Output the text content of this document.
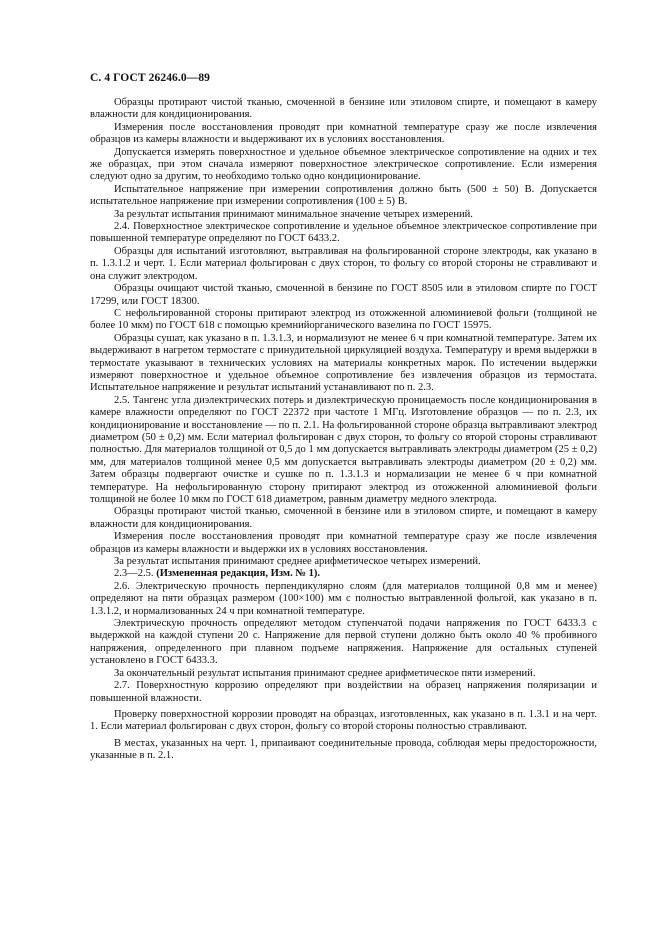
С. 4 ГОСТ 26246.0—89

Образцы протирают чистой тканью, смоченной в бензине или этиловом спирте, и помещают в камеру влажности для кондиционирования.

Измерения после восстановления проводят при комнатной температуре сразу же после извлечения образцов из камеры влажности и выдерживают их в условиях восстановления.

Допускается измерять поверхностное и удельное объемное электрическое сопротивление на одних и тех же образцах, при этом сначала измеряют поверхностное электрическое сопротивление. Если измерения следуют одно за другим, то необходимо только одно кондиционирование.

Испытательное напряжение при измерении сопротивления должно быть (500 ± 50) В. Допускается испытательное напряжение при измерении сопротивления (100 ± 5) В.

За результат испытания принимают минимальное значение четырех измерений.

2.4. Поверхностное электрическое сопротивление и удельное объемное электрическое сопротивление при повышенной температуре определяют по ГОСТ 6433.2.

Образцы для испытаний изготовляют, вытравливая на фольгированной стороне электроды, как указано в п. 1.3.1.2 и черт. 1. Если материал фольгирован с двух сторон, то фольгу со второй стороны не стравливают и она служит электродом.

Образцы очищают чистой тканью, смоченной в бензине по ГОСТ 8505 или в этиловом спирте по ГОСТ 17299, или ГОСТ 18300.

С нефольгированной стороны притирают электрод из отожженной алюминиевой фольги (толщиной не более 10 мкм) по ГОСТ 618 с помощью кремнийорганического вазелина по ГОСТ 15975.

Образцы сушат, как указано в п. 1.3.1.3, и нормализуют не менее 6 ч при комнатной температуре. Затем их выдерживают в нагретом термостате с принудительной циркуляцией воздуха. Температуру и время выдержки в термостате указывают в технических условиях на материалы конкретных марок. По истечении выдержки измеряют поверхностное и удельное объемное сопротивление без извлечения образцов из термостата. Испытательное напряжение и результат испытаний устанавливают по п. 2.3.

2.5. Тангенс угла диэлектрических потерь и диэлектрическую проницаемость после кондиционирования в камере влажности определяют по ГОСТ 22372 при частоте 1 МГц. Изготовление образцов — по п. 2.3, их кондиционирование и восстановление — по п. 2.1. На фольгированной стороне образца вытравливают электрод диаметром (50 ± 0,2) мм. Если материал фольгирован с двух сторон, то фольгу со второй стороны стравливают полностью. Для материалов толщиной от 0,5 до 1 мм допускается вытравливать электроды диаметром (25 ± 0,2) мм, для материалов толщиной менее 0,5 мм допускается вытравливать электроды диаметром (20 ± 0,2) мм. Затем образцы подвергают очистке и сушке по п. 1.3.1.3 и нормализации не менее 6 ч при комнатной температуре. На нефольгированную сторону притирают электрод из отожженной алюминиевой фольги толщиной не более 10 мкм по ГОСТ 618 диаметром, равным диаметру медного электрода.

Образцы протирают чистой тканью, смоченной в бензине или в этиловом спирте, и помещают в камеру влажности для кондиционирования.

Измерения после восстановления проводят при комнатной температуре сразу же после извлечения образцов из камеры влажности и выдержки их в условиях восстановления.

За результат испытания принимают среднее арифметическое четырех измерений.

2.3—2.5. (Измененная редакция, Изм. № 1).

2.6. Электрическую прочность перпендикулярно слоям (для материалов толщиной 0,8 мм и менее) определяют на пяти образцах размером (100×100) мм с полностью вытравленной фольгой, как указано в п. 1.3.1.2, и нормализованных 24 ч при комнатной температуре.

Электрическую прочность определяют методом ступенчатой подачи напряжения по ГОСТ 6433.3 с выдержкой на каждой ступени 20 с. Напряжение для первой ступени должно быть около 40 % пробивного напряжения, определенного при плавном подъеме напряжения. Напряжение для остальных ступеней установлено в ГОСТ 6433.3.

За окончательный результат испытания принимают среднее арифметическое пяти измерений.

2.7. Поверхностную коррозию определяют при воздействии на образец напряжения поляризации и повышенной влажности.

Проверку поверхностной коррозии проводят на образцах, изготовленных, как указано в п. 1.3.1 и на черт. 1. Если материал фольгирован с двух сторон, фольгу со второй стороны полностью стравливают.

В местах, указанных на черт. 1, припаивают соединительные провода, соблюдая меры предосторожности, указанные в п. 2.1.
